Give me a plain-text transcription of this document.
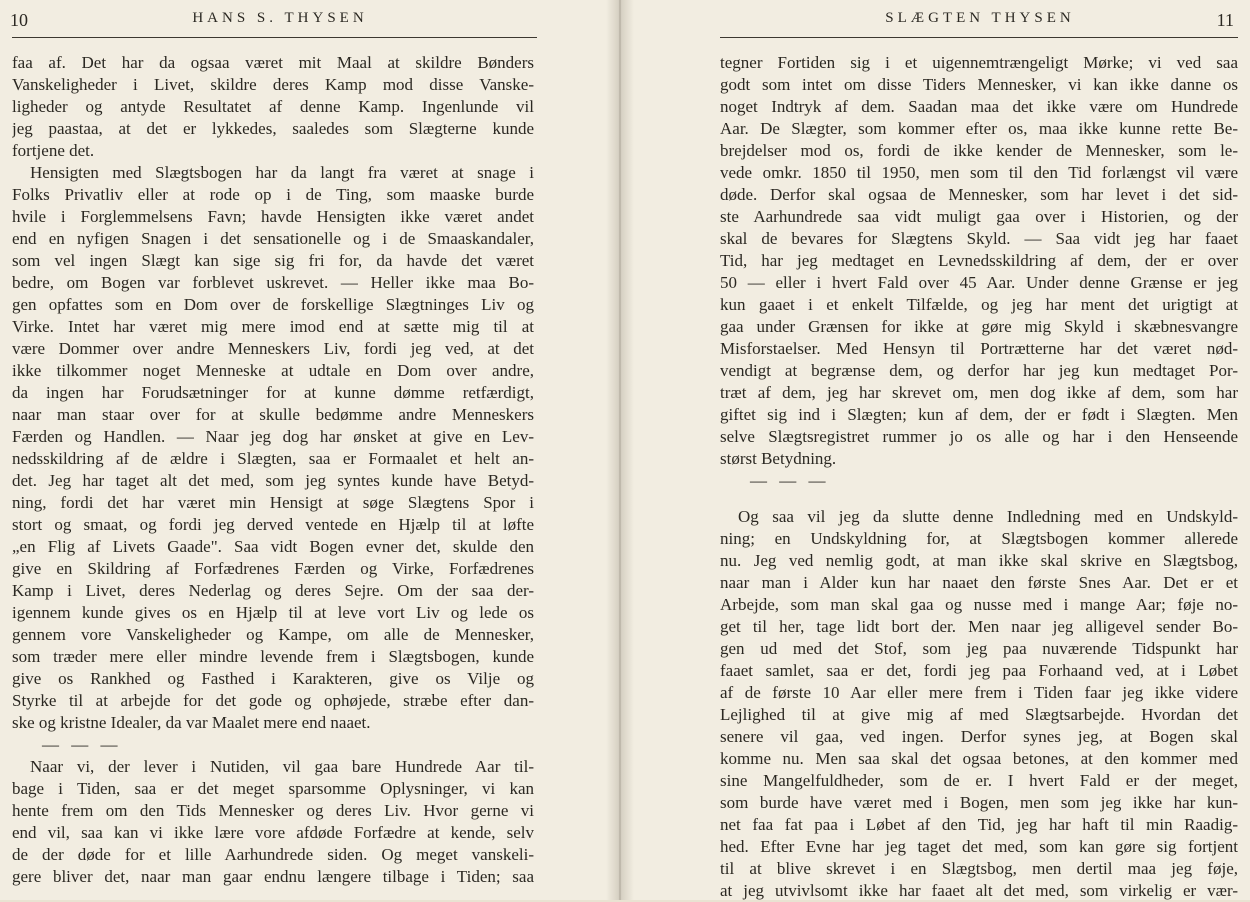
10	HANS S. THYSEN
faa af. Det har da ogsaa været mit Maal at skildre Bønders
Vanskeligheder i Livet, skildre deres Kamp mod disse Vanske-
ligheder og antyde Resultatet af denne Kamp. Ingenlunde vil
jeg paastaa, at det er lykkedes, saaledes som Slægterne kunde
fortjene det.
Hensigten med Slægtsbogen har da langt fra været at snage i
Folks Privatliv eller at rode op i de Ting, som maaske burde
hvile i Forglemmelsens Favn; havde Hensigten ikke været andet
end en nyfigen Snagen i det sensationelle og i de Smaaskandaler,
som vel ingen Slægt kan sige sig fri for, da havde det været
bedre, om Bogen var forblevet uskrevet. — Heller ikke maa Bo-
gen opfattes som en Dom over de forskellige Slægtninges Liv og
Virke. Intet har været mig mere imod end at sætte mig til at
være Dommer over andre Menneskers Liv, fordi jeg ved, at det
ikke tilkommer noget Menneske at udtale en Dom over andre,
da ingen har Forudsætninger for at kunne dømme retfærdigt,
naar man staar over for at skulle bedømme andre Menneskers
Færden og Handlen. — Naar jeg dog har ønsket at give en Lev-
nedsskildring af de ældre i Slægten, saa er Formaalet et helt an-
det. Jeg har taget alt det med, som jeg syntes kunde have Betyd-
ning, fordi det har været min Hensigt at søge Slægtens Spor i
stort og smaat, og fordi jeg derved ventede en Hjælp til at løfte
„en Flig af Livets Gaade". Saa vidt Bogen evner det, skulde den
give en Skildring af Forfædrenes Færden og Virke, Forfædrenes
Kamp i Livet, deres Nederlag og deres Sejre. Om der saa der-
igennem kunde gives os en Hjælp til at leve vort Liv og lede os
gennem vore Vanskeligheder og Kampe, om alle de Mennesker,
som træder mere eller mindre levende frem i Slægtsbogen, kunde
give os Rankhed og Fasthed i Karakteren, give os Vilje og
Styrke til at arbejde for det gode og ophøjede, stræbe efter dan-
ske og kristne Idealer, da var Maalet mere end naaet.
— — —
Naar vi, der lever i Nutiden, vil gaa bare Hundrede Aar til-
bage i Tiden, saa er det meget sparsomme Oplysninger, vi kan
hente frem om den Tids Mennesker og deres Liv. Hvor gerne vi
end vil, saa kan vi ikke lære vore afdøde Forfædre at kende, selv
de der døde for et lille Aarhundrede siden. Og meget vanskeli-
gere bliver det, naar man gaar endnu længere tilbage i Tiden; saa
SLÆGTEN THYSEN	11
tegner Fortiden sig i et uigennemtrængeligt Mørke; vi ved saa
godt som intet om disse Tiders Mennesker, vi kan ikke danne os
noget Indtryk af dem. Saadan maa det ikke være om Hundrede
Aar. De Slægter, som kommer efter os, maa ikke kunne rette Be-
brejdelser mod os, fordi de ikke kender de Mennesker, som le-
vede omkr. 1850 til 1950, men som til den Tid forlængst vil være
døde. Derfor skal ogsaa de Mennesker, som har levet i det sid-
ste Aarhundrede saa vidt muligt gaa over i Historien, og der
skal de bevares for Slægtens Skyld. — Saa vidt jeg har faaet
Tid, har jeg medtaget en Levnedsskildring af dem, der er over
50 — eller i hvert Fald over 45 Aar. Under denne Grænse er jeg
kun gaaet i et enkelt Tilfælde, og jeg har ment det urigtigt at
gaa under Grænsen for ikke at gøre mig Skyld i skæbnesvangre
Misforstaelser. Med Hensyn til Portrætterne har det været nød-
vendigt at begrænse dem, og derfor har jeg kun medtaget Por-
træt af dem, jeg har skrevet om, men dog ikke af dem, som har
giftet sig ind i Slægten; kun af dem, der er født i Slægten. Men
selve Slægtsregistret rummer jo os alle og har i den Henseende
størst Betydning.
— — —
Og saa vil jeg da slutte denne Indledning med en Undskyld-
ning; en Undskyldning for, at Slægtsbogen kommer allerede
nu. Jeg ved nemlig godt, at man ikke skal skrive en Slægtsbog,
naar man i Alder kun har naaet den første Snes Aar. Det er et
Arbejde, som man skal gaa og nusse med i mange Aar; føje no-
get til her, tage lidt bort der. Men naar jeg alligevel sender Bo-
gen ud med det Stof, som jeg paa nuværende Tidspunkt har
faaet samlet, saa er det, fordi jeg paa Forhaand ved, at i Løbet
af de første 10 Aar eller mere frem i Tiden faar jeg ikke videre
Lejlighed til at give mig af med Slægtsarbejde. Hvordan det
senere vil gaa, ved ingen. Derfor synes jeg, at Bogen skal
komme nu. Men saa skal det ogsaa betones, at den kommer med
sine Mangelfuldheder, som de er. I hvert Fald er der meget,
som burde have været med i Bogen, men som jeg ikke har kun-
net faa fat paa i Løbet af den Tid, jeg har haft til min Raadig-
hed. Efter Evne har jeg taget det med, som kan gøre sig fortjent
til at blive skrevet i en Slægtsbog, men dertil maa jeg føje,
at jeg utvivlsomt ikke har faaet alt det med, som virkelig er vær-
